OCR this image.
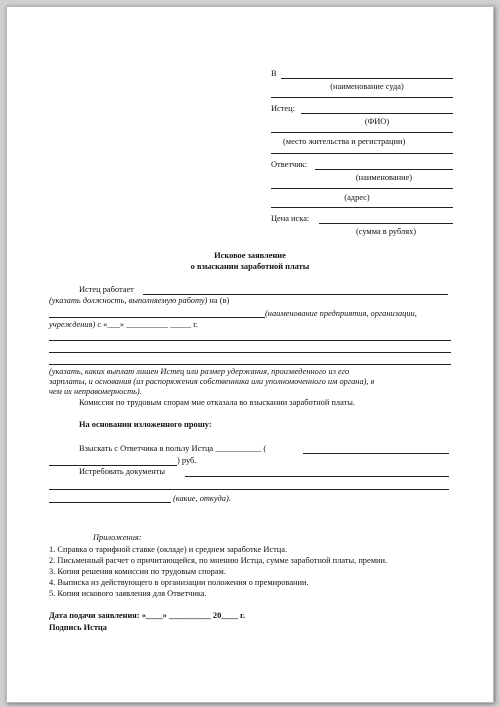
В
(наименование суда)
Истец:
(ФИО)
(место жительства и регистрации)
Ответчик:
(наименование)
(адрес)
Цена иска:
(сумма в рублях)
Исковое заявление
о взыскании заработной платы
Истец работает
(указать должность, выполняемую работу) на (в)
(наименование предприятия, организации,
учреждения) с «___» __________ _____ г.
(указать, каких выплат лишен Истец или размер удержания, произведенного из его
зарплаты, и основания (из распоряжения собственника или уполномоченного им органа), в
чем их неправомерность).
Комиссия по трудовым спорам мне отказала во взыскании заработной платы.
На основании изложенного прошу:
Взыскать с Ответчика в пользу Истца ___________ (
) руб.
Истребовать документы
(какие, откуда).
Приложения:
1. Справка о тарифной ставке (окладе) и среднем заработке Истца.
2. Письменный расчет о причитающейся, по мнению Истца, сумме заработной платы, премии.
3. Копия решения комиссии по трудовым спорам.
4. Выписка из действующего в организации положения о премировании.
5. Копия искового заявления для Ответчика.
Дата подачи заявления: «____» __________ 20____ г.
Подпись Истца
